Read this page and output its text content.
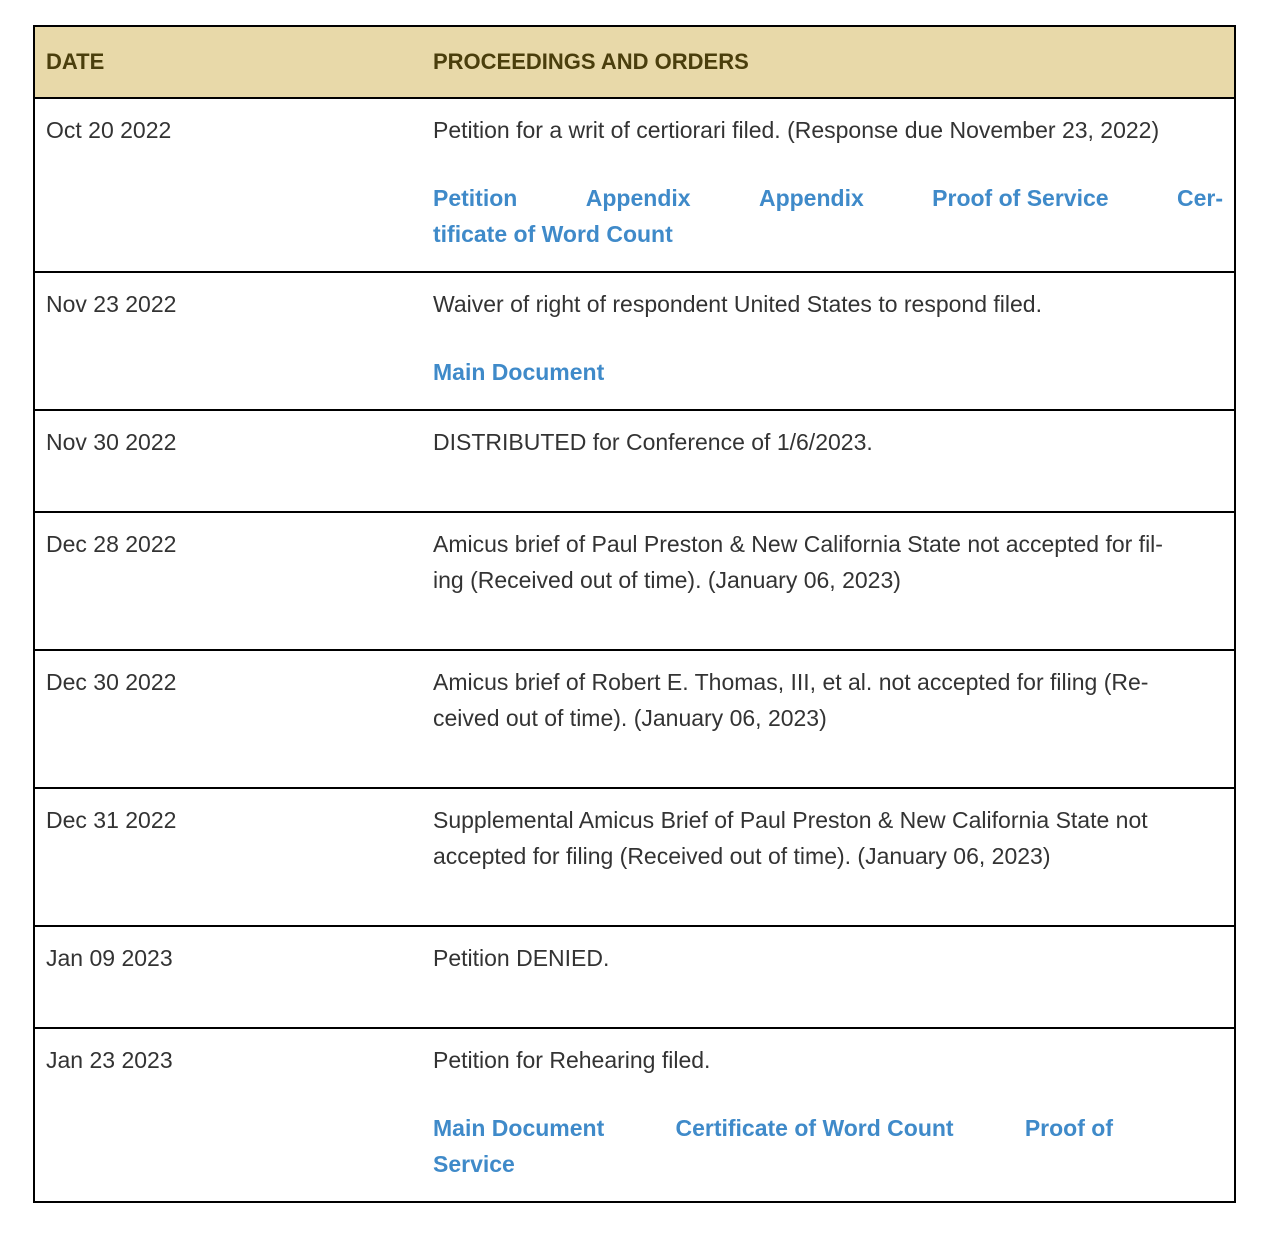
DATE	PROCEEDINGS AND ORDERS
Oct 20 2022	Petition for a writ of certiorari filed. (Response due November 23, 2022)
Petition	Appendix	Appendix	Proof of Service	Cer-
tificate of Word Count
Nov 23 2022	Waiver of right of respondent United States to respond filed.
Main Document
Nov 30 2022	DISTRIBUTED for Conference of 1/6/2023.
Dec 28 2022	Amicus brief of Paul Preston & New California State not accepted for fil-
ing (Received out of time). (January 06, 2023)
Dec 30 2022	Amicus brief of Robert E. Thomas, III, et al. not accepted for filing (Re-
ceived out of time). (January 06, 2023)
Dec 31 2022	Supplemental Amicus Brief of Paul Preston & New California State not
accepted for filing (Received out of time). (January 06, 2023)
Jan 09 2023	Petition DENIED.
Jan 23 2023	Petition for Rehearing filed.
Main Document	Certificate of Word Count	Proof of
Service
